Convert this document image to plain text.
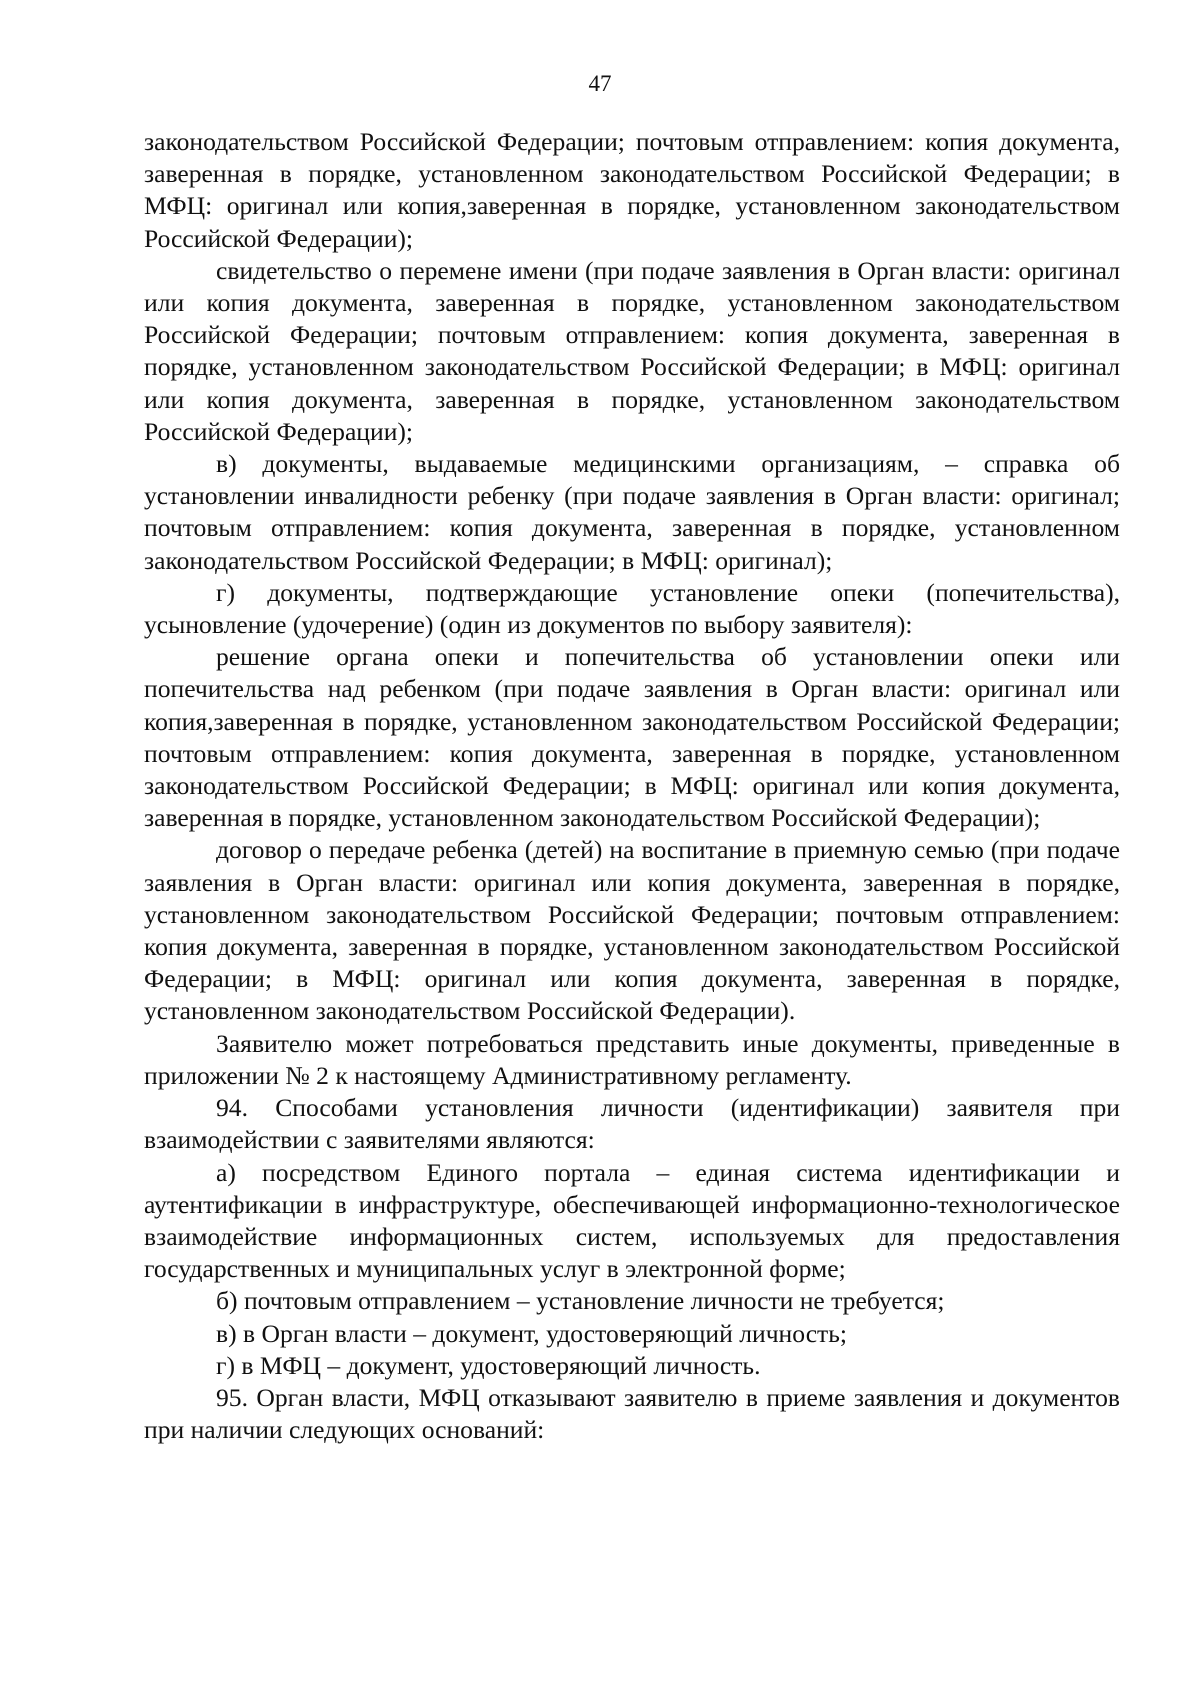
47

законодательством Российской Федерации; почтовым отправлением: копия документа, заверенная в порядке, установленном законодательством Российской Федерации; в МФЦ: оригинал или копия,заверенная в порядке, установленном законодательством Российской Федерации);

свидетельство о перемене имени (при подаче заявления в Орган власти: оригинал или копия документа, заверенная в порядке, установленном законодательством Российской Федерации; почтовым отправлением: копия документа, заверенная в порядке, установленном законодательством Российской Федерации; в МФЦ: оригинал или копия документа, заверенная в порядке, установленном законодательством Российской Федерации);

в) документы, выдаваемые медицинскими организациям, – справка об установлении инвалидности ребенку (при подаче заявления в Орган власти: оригинал; почтовым отправлением: копия документа, заверенная в порядке, установленном законодательством Российской Федерации; в МФЦ: оригинал);

г) документы, подтверждающие установление опеки (попечительства), усыновление (удочерение) (один из документов по выбору заявителя):

решение органа опеки и попечительства об установлении опеки или попечительства над ребенком (при подаче заявления в Орган власти: оригинал или копия,заверенная в порядке, установленном законодательством Российской Федерации; почтовым отправлением: копия документа, заверенная в порядке, установленном законодательством Российской Федерации; в МФЦ: оригинал или копия документа, заверенная в порядке, установленном законодательством Российской Федерации);

договор о передаче ребенка (детей) на воспитание в приемную семью (при подаче заявления в Орган власти: оригинал или копия документа, заверенная в порядке, установленном законодательством Российской Федерации; почтовым отправлением: копия документа, заверенная в порядке, установленном законодательством Российской Федерации; в МФЦ: оригинал или копия документа, заверенная в порядке, установленном законодательством Российской Федерации).

Заявителю может потребоваться представить иные документы, приведенные в приложении № 2 к настоящему Административному регламенту.

94. Способами установления личности (идентификации) заявителя при взаимодействии с заявителями являются:

а) посредством Единого портала – единая система идентификации и аутентификации в инфраструктуре, обеспечивающей информационно-технологическое взаимодействие информационных систем, используемых для предоставления государственных и муниципальных услуг в электронной форме;

б) почтовым отправлением – установление личности не требуется;

в) в Орган власти – документ, удостоверяющий личность;

г) в МФЦ – документ, удостоверяющий личность.

95. Орган власти, МФЦ отказывают заявителю в приеме заявления и документов при наличии следующих оснований:
